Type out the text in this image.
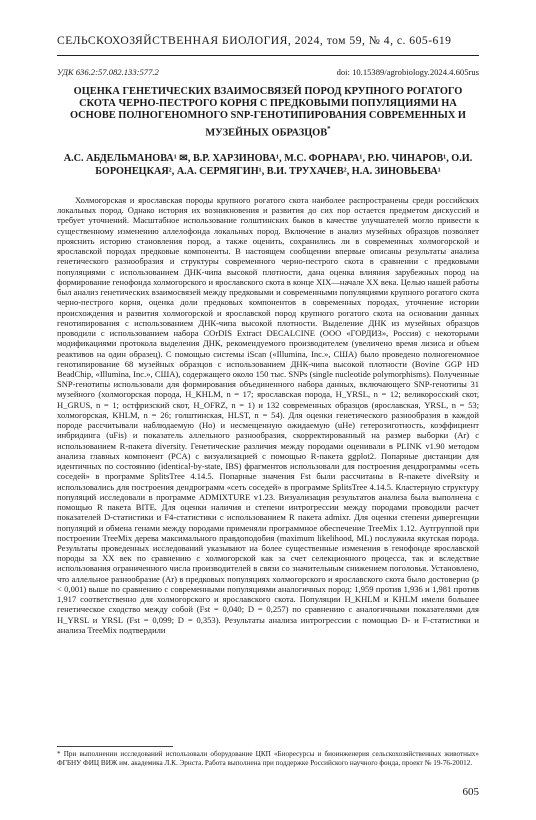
СЕЛЬСКОХОЗЯЙСТВЕННАЯ БИОЛОГИЯ, 2024, том 59, № 4, с. 605-619
УДК 636.2:57.082.133:577.2	doi: 10.15389/agrobiology.2024.4.605rus
ОЦЕНКА ГЕНЕТИЧЕСКИХ ВЗАИМОСВЯЗЕЙ ПОРОД КРУПНОГО РОГАТОГО СКОТА ЧЕРНО-ПЕСТРОГО КОРНЯ С ПРЕДКОВЫМИ ПОПУЛЯЦИЯМИ НА ОСНОВЕ ПОЛНОГЕНОМНОГО SNP-ГЕНОТИПИРОВАНИЯ СОВРЕМЕННЫХ И МУЗЕЙНЫХ ОБРАЗЦОВ*

А.С. АБДЕЛЬМАНОВА¹ ✉, В.Р. ХАРЗИНОВА¹, М.С. ФОРНАРА¹, Р.Ю. ЧИНАРОВ¹, О.И. БОРОНЕЦКАЯ², А.А. СЕРМЯГИН¹, В.И. ТРУХАЧЕВ², Н.А. ЗИНОВЬЕВА¹

Холмогорская и ярославская породы крупного рогатого скота наиболее распространены среди российских локальных пород. Однако история их возникновения и развития до сих пор остается предметом дискуссий и требует уточнений. Масштабное использование голштинских быков в качестве улучшателей могло привести к существенному изменению аллелофонда локальных пород. Включение в анализ музейных образцов позволяет прояснить историю становления пород, а также оценить, сохранились ли в современных холмогорской и ярославской породах предковые компоненты. В настоящем сообщении впервые описаны результаты анализа генетического разнообразия и структуры современного черно-пестрого скота в сравнении с предковыми популяциями с использованием ДНК-чипа высокой плотности, дана оценка влияния зарубежных пород на формирование генофонда холмогорского и ярославского скота в конце XIX—начале XX века. Целью нашей работы был анализ генетических взаимосвязей между предковыми и современными популяциями крупного рогатого скота черно-пестрого корня, оценка доли предковых компонентов в современных породах, уточнение истории происхождения и развития холмогорской и ярославской пород крупного рогатого скота на основании данных генотипирования с использованием ДНК-чипа высокой плотности. Выделение ДНК из музейных образцов проводили с использованием набора COrDIS Extract DECALCINE (ООО «ГОРДИЗ», Россия) с некоторыми модификациями протокола выделения ДНК, рекомендуемого производителем (увеличено время лизиса и объем реактивов на один образец). С помощью системы iScan («Illumina, Inc.», США) было проведено полногеномное генотипирование 68 музейных образцов с использованием ДНК-чипа высокой плотности (Bovine GGP HD BeadChip, «Illumina, Inc.», США), содержащего около 150 тыс. SNPs (single nucleotide polymorphisms). Полученные SNP-генотипы использовали для формирования объединенного набора данных, включающего SNP-генотипы 31 музейного (холмогорская порода, H_KHLM, n = 17; ярославская порода, H_YRSL, n = 12; великоросский скот, H_GRUS, n = 1; остфризский скот, H_OFRZ, n = 1) и 132 современных образцов (ярославская, YRSL, n = 53; холмогорская, KHLM, n = 26; голштинская, HLST, n = 54). Для оценки генетического разнообразия в каждой породе рассчитывали наблюдаемую (Ho) и несмещенную ожидаемую (uHe) гетерозиготность, коэффициент инбридинга (uFis) и показатель аллельного разнообразия, скорректированный на размер выборки (Ar) с использованием R-пакета diversity. Генетические различия между породами оценивали в PLINK v1.90 методом анализа главных компонент (PCA) с визуализацией с помощью R-пакета ggplot2. Попарные дистанции для идентичных по состоянию (identical-by-state, IBS) фрагментов использовали для построения дендрограммы «сеть соседей» в программе SplitsTree 4.14.5. Попарные значения Fst были рассчитаны в R-пакете diveRsity и использовались для построения дендрограмм «сеть соседей» в программе SplitsTree 4.14.5. Кластерную структуру популяций исследовали в программе ADMIXTURE v1.23. Визуализация результатов анализа была выполнена с помощью R пакета BITE. Для оценки наличия и степени интрогрессии между породами проводили расчет показателей D-статистики и F4-статистики с использованием R пакета admixr. Для оценки степени дивергенции популяций и обмена генами между породами применяли программное обеспечение TreeMix 1.12. Аутгруппой при построении TreeMix дерева максимального правдоподобия (maximum likelihood, ML) послужила якутская порода. Результаты проведенных исследований указывают на более существенные изменения в генофонде ярославской породы за XX век по сравнению с холмогорской как за счет селекционного процесса, так и вследствие использования ограниченного числа производителей в связи со значительным снижением поголовья. Установлено, что аллельное разнообразие (Ar) в предковых популяциях холмогорского и ярославского скота было достоверно (p < 0,001) выше по сравнению с современными популяциями аналогичных пород: 1,959 против 1,936 и 1,981 против 1,917 соответственно для холмогорского и ярославского скота. Популяции H_KHLM и KHLM имели большее генетическое сходство между собой (Fst = 0,040; D = 0,257) по сравнению с аналогичными показателями для H_YRSL и YRSL (Fst = 0,099; D = 0,353). Результаты анализа интрогрессии с помощью D- и F-статистики и анализа TreeMix подтвердили

* При выполнении исследований использовали оборудование ЦКП «Биоресурсы и биоинженерия сельскохозяйственных животных» ФГБНУ ФИЦ ВИЖ им. академика Л.К. Эрнста. Работа выполнена при поддержке Российского научного фонда, проект № 19-76-20012.

605
